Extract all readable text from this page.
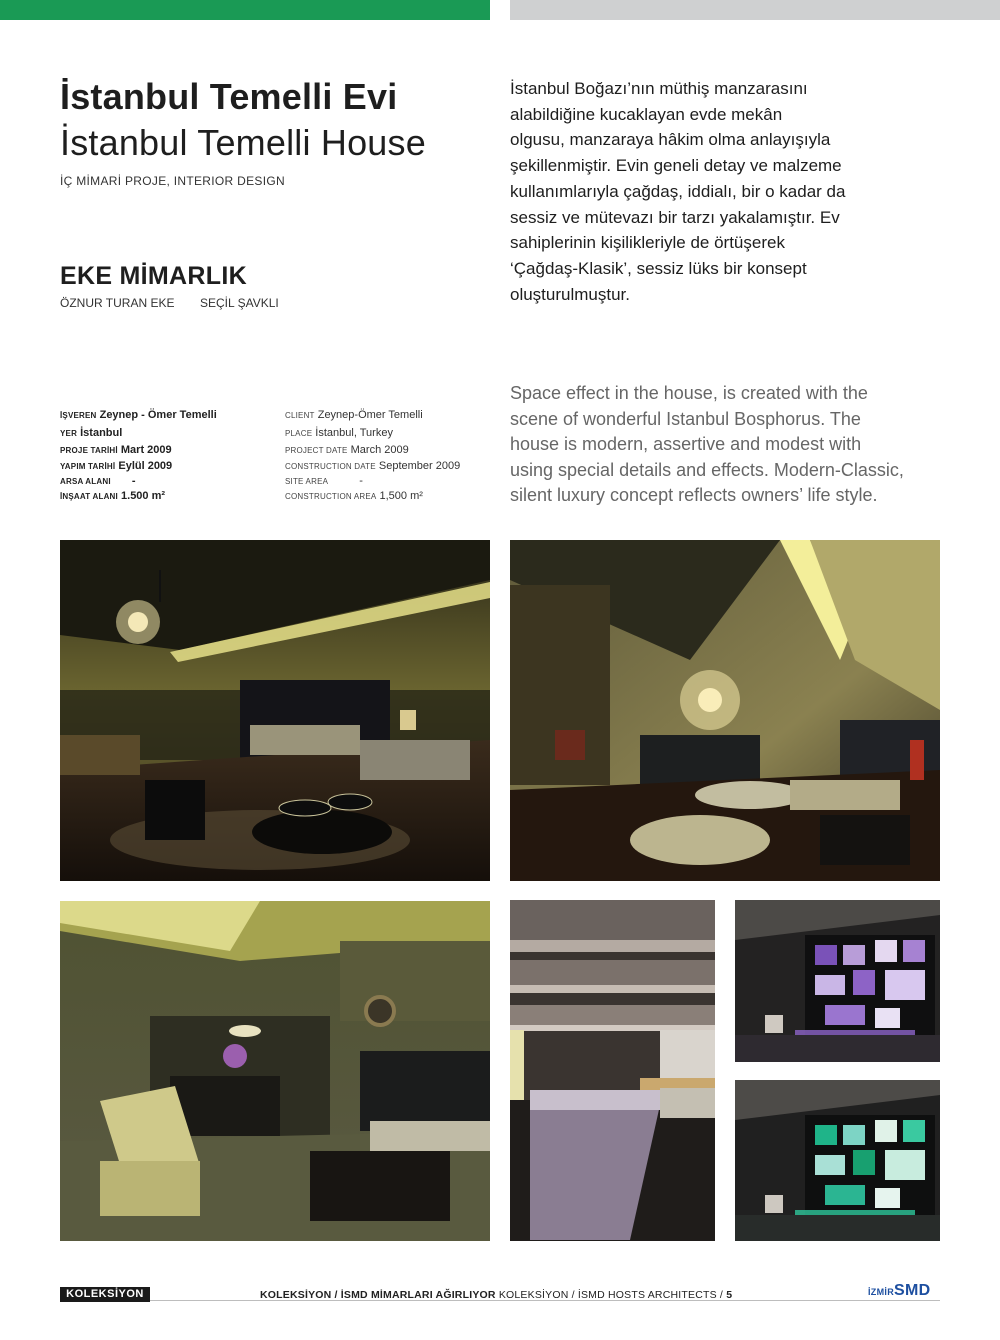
İstanbul Temelli Evi
İstanbul Temelli House
İÇ MİMARİ PROJE, INTERIOR DESIGN
EKE MİMARLIK
ÖZNUR TURAN EKE SEÇİL ŞAVKLI
İstanbul Boğazı’nın müthiş manzarasını
alabildiğine kucaklayan evde mekân
olgusu, manzaraya hâkim olma anlayışıyla
şekillenmiştir. Evin geneli detay ve malzeme
kullanımlarıyla çağdaş, iddialı, bir o kadar da
sessiz ve mütevazı bir tarzı yakalamıştır. Ev
sahiplerinin kişilikleriyle de örtüşerek
‘Çağdaş-Klasik’, sessiz lüks bir konsept
oluşturulmuştur.
Space effect in the house, is created with the
scene of wonderful Istanbul Bosphorus. The
house is modern, assertive and modest with
using special details and effects. Modern-Classic,
silent luxury concept reflects owners’ life style.
İŞVEREN Zeynep - Ömer Temelli
YER İstanbul
PROJE TARİHİ Mart 2009
YAPIM TARİHİ Eylül 2009
ARSA ALANI -
İNŞAAT ALANI 1.500 m²
CLIENT Zeynep-Ömer Temelli
PLACE İstanbul, Turkey
PROJECT DATE March 2009
CONSTRUCTION DATE September 2009
SITE AREA	-
CONSTRUCTION AREA 1,500 m²
KOLEKSİYON	KOLEKSİYON / İSMD MİMARLARI AĞIRLIYOR KOLEKSİYON / İSMD HOSTS ARCHITECTS / 5	İZMİRSMD
